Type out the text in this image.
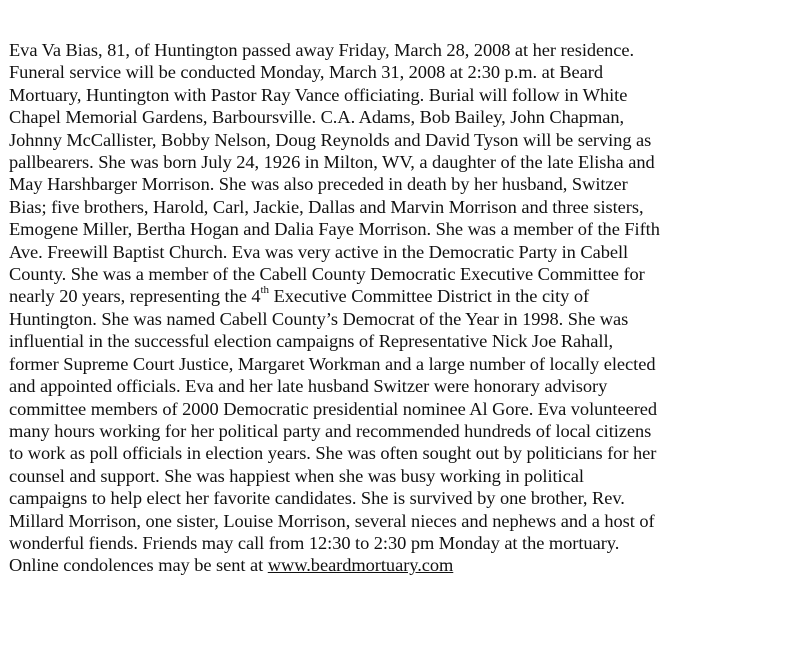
Eva Va Bias, 81, of Huntington passed away Friday, March 28, 2008 at her residence.
Funeral service will be conducted Monday, March 31, 2008 at 2:30 p.m. at Beard
Mortuary, Huntington with Pastor Ray Vance officiating. Burial will follow in White
Chapel Memorial Gardens, Barboursville. C.A. Adams, Bob Bailey, John Chapman,
Johnny McCallister, Bobby Nelson, Doug Reynolds and David Tyson will be serving as
pallbearers. She was born July 24, 1926 in Milton, WV, a daughter of the late Elisha and
May Harshbarger Morrison. She was also preceded in death by her husband, Switzer
Bias; five brothers, Harold, Carl, Jackie, Dallas and Marvin Morrison and three sisters,
Emogene Miller, Bertha Hogan and Dalia Faye Morrison. She was a member of the Fifth
Ave. Freewill Baptist Church. Eva was very active in the Democratic Party in Cabell
County. She was a member of the Cabell County Democratic Executive Committee for
nearly 20 years, representing the 4th Executive Committee District in the city of
Huntington. She was named Cabell County’s Democrat of the Year in 1998. She was
influential in the successful election campaigns of Representative Nick Joe Rahall,
former Supreme Court Justice, Margaret Workman and a large number of locally elected
and appointed officials. Eva and her late husband Switzer were honorary advisory
committee members of 2000 Democratic presidential nominee Al Gore. Eva volunteered
many hours working for her political party and recommended hundreds of local citizens
to work as poll officials in election years. She was often sought out by politicians for her
counsel and support. She was happiest when she was busy working in political
campaigns to help elect her favorite candidates. She is survived by one brother, Rev.
Millard Morrison, one sister, Louise Morrison, several nieces and nephews and a host of
wonderful fiends. Friends may call from 12:30 to 2:30 pm Monday at the mortuary.
Online condolences may be sent at www.beardmortuary.com
